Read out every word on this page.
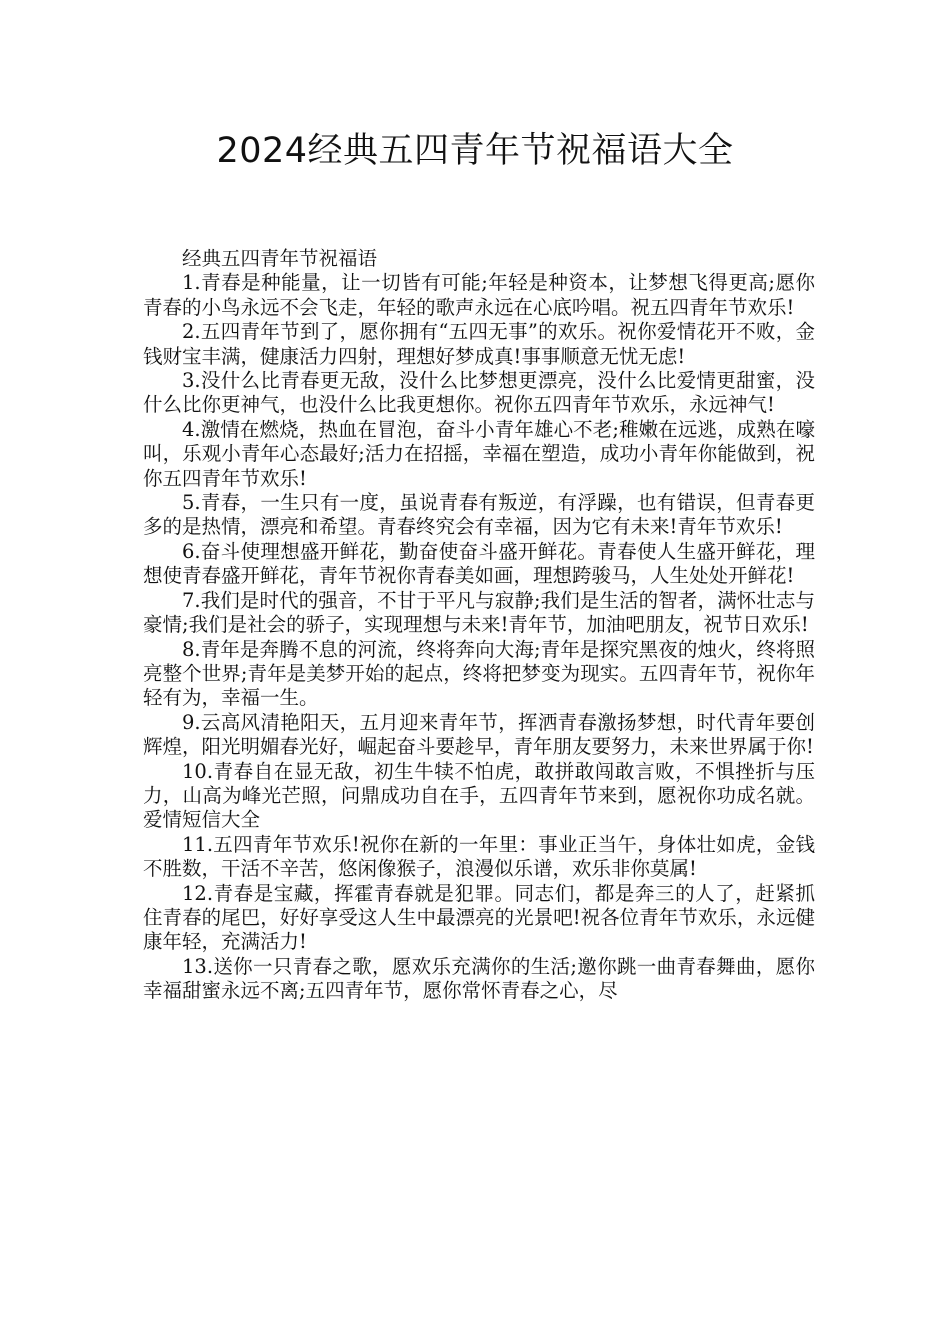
2024经典五四青年节祝福语大全

经典五四青年节祝福语

1.青春是种能量，让一切皆有可能;年轻是种资本，让梦想飞得更高;愿你青春的小鸟永远不会飞走，年轻的歌声永远在心底吟唱。祝五四青年节欢乐!

2.五四青年节到了，愿你拥有“五四无事”的欢乐。祝你爱情花开不败，金钱财宝丰满，健康活力四射，理想好梦成真!事事顺意无忧无虑!

3.没什么比青春更无敌，没什么比梦想更漂亮，没什么比爱情更甜蜜，没什么比你更神气，也没什么比我更想你。祝你五四青年节欢乐，永远神气!

4.激情在燃烧，热血在冒泡，奋斗小青年雄心不老;稚嫩在远逃，成熟在嚎叫，乐观小青年心态最好;活力在招摇，幸福在塑造，成功小青年你能做到，祝你五四青年节欢乐!

5.青春，一生只有一度，虽说青春有叛逆，有浮躁，也有错误，但青春更多的是热情，漂亮和希望。青春终究会有幸福，因为它有未来!青年节欢乐!

6.奋斗使理想盛开鲜花，勤奋使奋斗盛开鲜花。青春使人生盛开鲜花，理想使青春盛开鲜花，青年节祝你青春美如画，理想跨骏马，人生处处开鲜花!

7.我们是时代的强音，不甘于平凡与寂静;我们是生活的智者，满怀壮志与豪情;我们是社会的骄子，实现理想与未来!青年节，加油吧朋友，祝节日欢乐!

8.青年是奔腾不息的河流，终将奔向大海;青年是探究黑夜的烛火，终将照亮整个世界;青年是美梦开始的起点，终将把梦变为现实。五四青年节，祝你年轻有为，幸福一生。

9.云高风清艳阳天，五月迎来青年节，挥洒青春激扬梦想，时代青年要创辉煌，阳光明媚春光好，崛起奋斗要趁早，青年朋友要努力，未来世界属于你!

10.青春自在显无敌，初生牛犊不怕虎，敢拼敢闯敢言败，不惧挫折与压力，山高为峰光芒照，问鼎成功自在手，五四青年节来到，愿祝你功成名就。爱情短信大全

11.五四青年节欢乐!祝你在新的一年里：事业正当午，身体壮如虎，金钱不胜数，干活不辛苦，悠闲像猴子，浪漫似乐谱，欢乐非你莫属!

12.青春是宝藏，挥霍青春就是犯罪。同志们，都是奔三的人了，赶紧抓住青春的尾巴，好好享受这人生中最漂亮的光景吧!祝各位青年节欢乐，永远健康年轻，充满活力!

13.送你一只青春之歌，愿欢乐充满你的生活;邀你跳一曲青春舞曲，愿你幸福甜蜜永远不离;五四青年节，愿你常怀青春之心，尽
